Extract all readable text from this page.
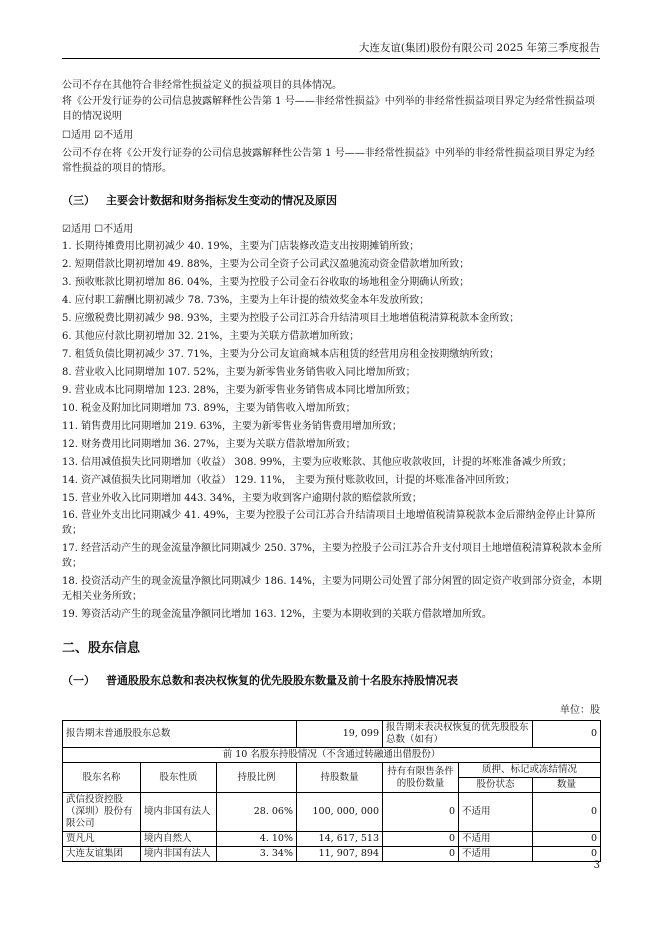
大连友谊(集团)股份有限公司 2025 年第三季度报告

公司不存在其他符合非经常性损益定义的损益项目的具体情况。

将《公开发行证券的公司信息披露解释性公告第 1 号——非经常性损益》中列举的非经常性损益项目界定为经常性损益项目的情况说明

☐适用 ☑不适用

公司不存在将《公开发行证券的公司信息披露解释性公告第 1 号——非经常性损益》中列举的非经常性损益项目界定为经常性损益的项目的情形。

（三） 主要会计数据和财务指标发生变动的情况及原因

☑适用 ☐不适用

1. 长期待摊费用比期初减少 40. 19%，主要为门店装修改造支出按期摊销所致；

2. 短期借款比期初增加 49. 88%，主要为公司全资子公司武汉盈驰流动资金借款增加所致；

3. 预收账款比期初增加 86. 04%，主要为控股子公司金石谷收取的场地租金分期确认所致；

4. 应付职工薪酬比期初减少 78. 73%，主要为上年计提的绩效奖金本年发放所致；

5. 应缴税费比期初减少 98. 93%，主要为控股子公司江苏合升结清项目土地增值税清算税款本金所致；

6. 其他应付款比期初增加 32. 21%，主要为关联方借款增加所致；

7. 租赁负债比期初减少 37. 71%，主要为分公司友谊商城本店租赁的经营用房租金按期缴纳所致；

8. 营业收入比同期增加 107. 52%，主要为新零售业务销售收入同比增加所致；

9. 营业成本比同期增加 123. 28%，主要为新零售业务销售成本同比增加所致；

10. 税金及附加比同期增加 73. 89%，主要为销售收入增加所致；

11. 销售费用比同期增加 219. 63%，主要为新零售业务销售费用增加所致；

12. 财务费用比同期增加 36. 27%，主要为关联方借款增加所致；

13. 信用减值损失比同期增加（收益） 308. 99%，主要为应收账款、其他应收款收回，计提的坏账准备减少所致；

14. 资产减值损失比同期增加（收益） 129. 11%， 主要为预付账款收回，计提的坏账准备冲回所致；

15. 营业外收入比同期增加 443. 34%，主要为收到客户逾期付款的赔偿款所致；

16. 营业外支出比同期减少 41. 49%，主要为控股子公司江苏合升结清项目土地增值税清算税款本金后滞纳金停止计算所致；

17. 经营活动产生的现金流量净额比同期减少 250. 37%，主要为控股子公司江苏合升支付项目土地增值税清算税款本金所致；

18. 投资活动产生的现金流量净额比同期减少 186. 14%，主要为同期公司处置了部分闲置的固定资产收到部分资金，本期无相关业务所致；

19. 筹资活动产生的现金流量净额同比增加 163. 12%，主要为本期收到的关联方借款增加所致。

二、股东信息

（一） 普通股股东总数和表决权恢复的优先股股东数量及前十名股东持股情况表

单位：股
报告期末普通股股东总数			19, 099	报告期末表决权恢复的优先股股东总数（如有）		0
前 10 名股东持股情况（不含通过转融通出借股份）						
股东名称	股东性质	持股比例	持股数量	持有有限售条件的股份数量	质押、标记或冻结情况	
					股份状态	数量
武信投资控股（深圳）股份有限公司	境内非国有法人	28. 06%	100, 000, 000	0	不适用	0
贾凡凡	境内自然人	4. 10%	14, 617, 513	0	不适用	0
大连友谊集团	境内非国有法人	3. 34%	11, 907, 894	0	不适用	0
3
